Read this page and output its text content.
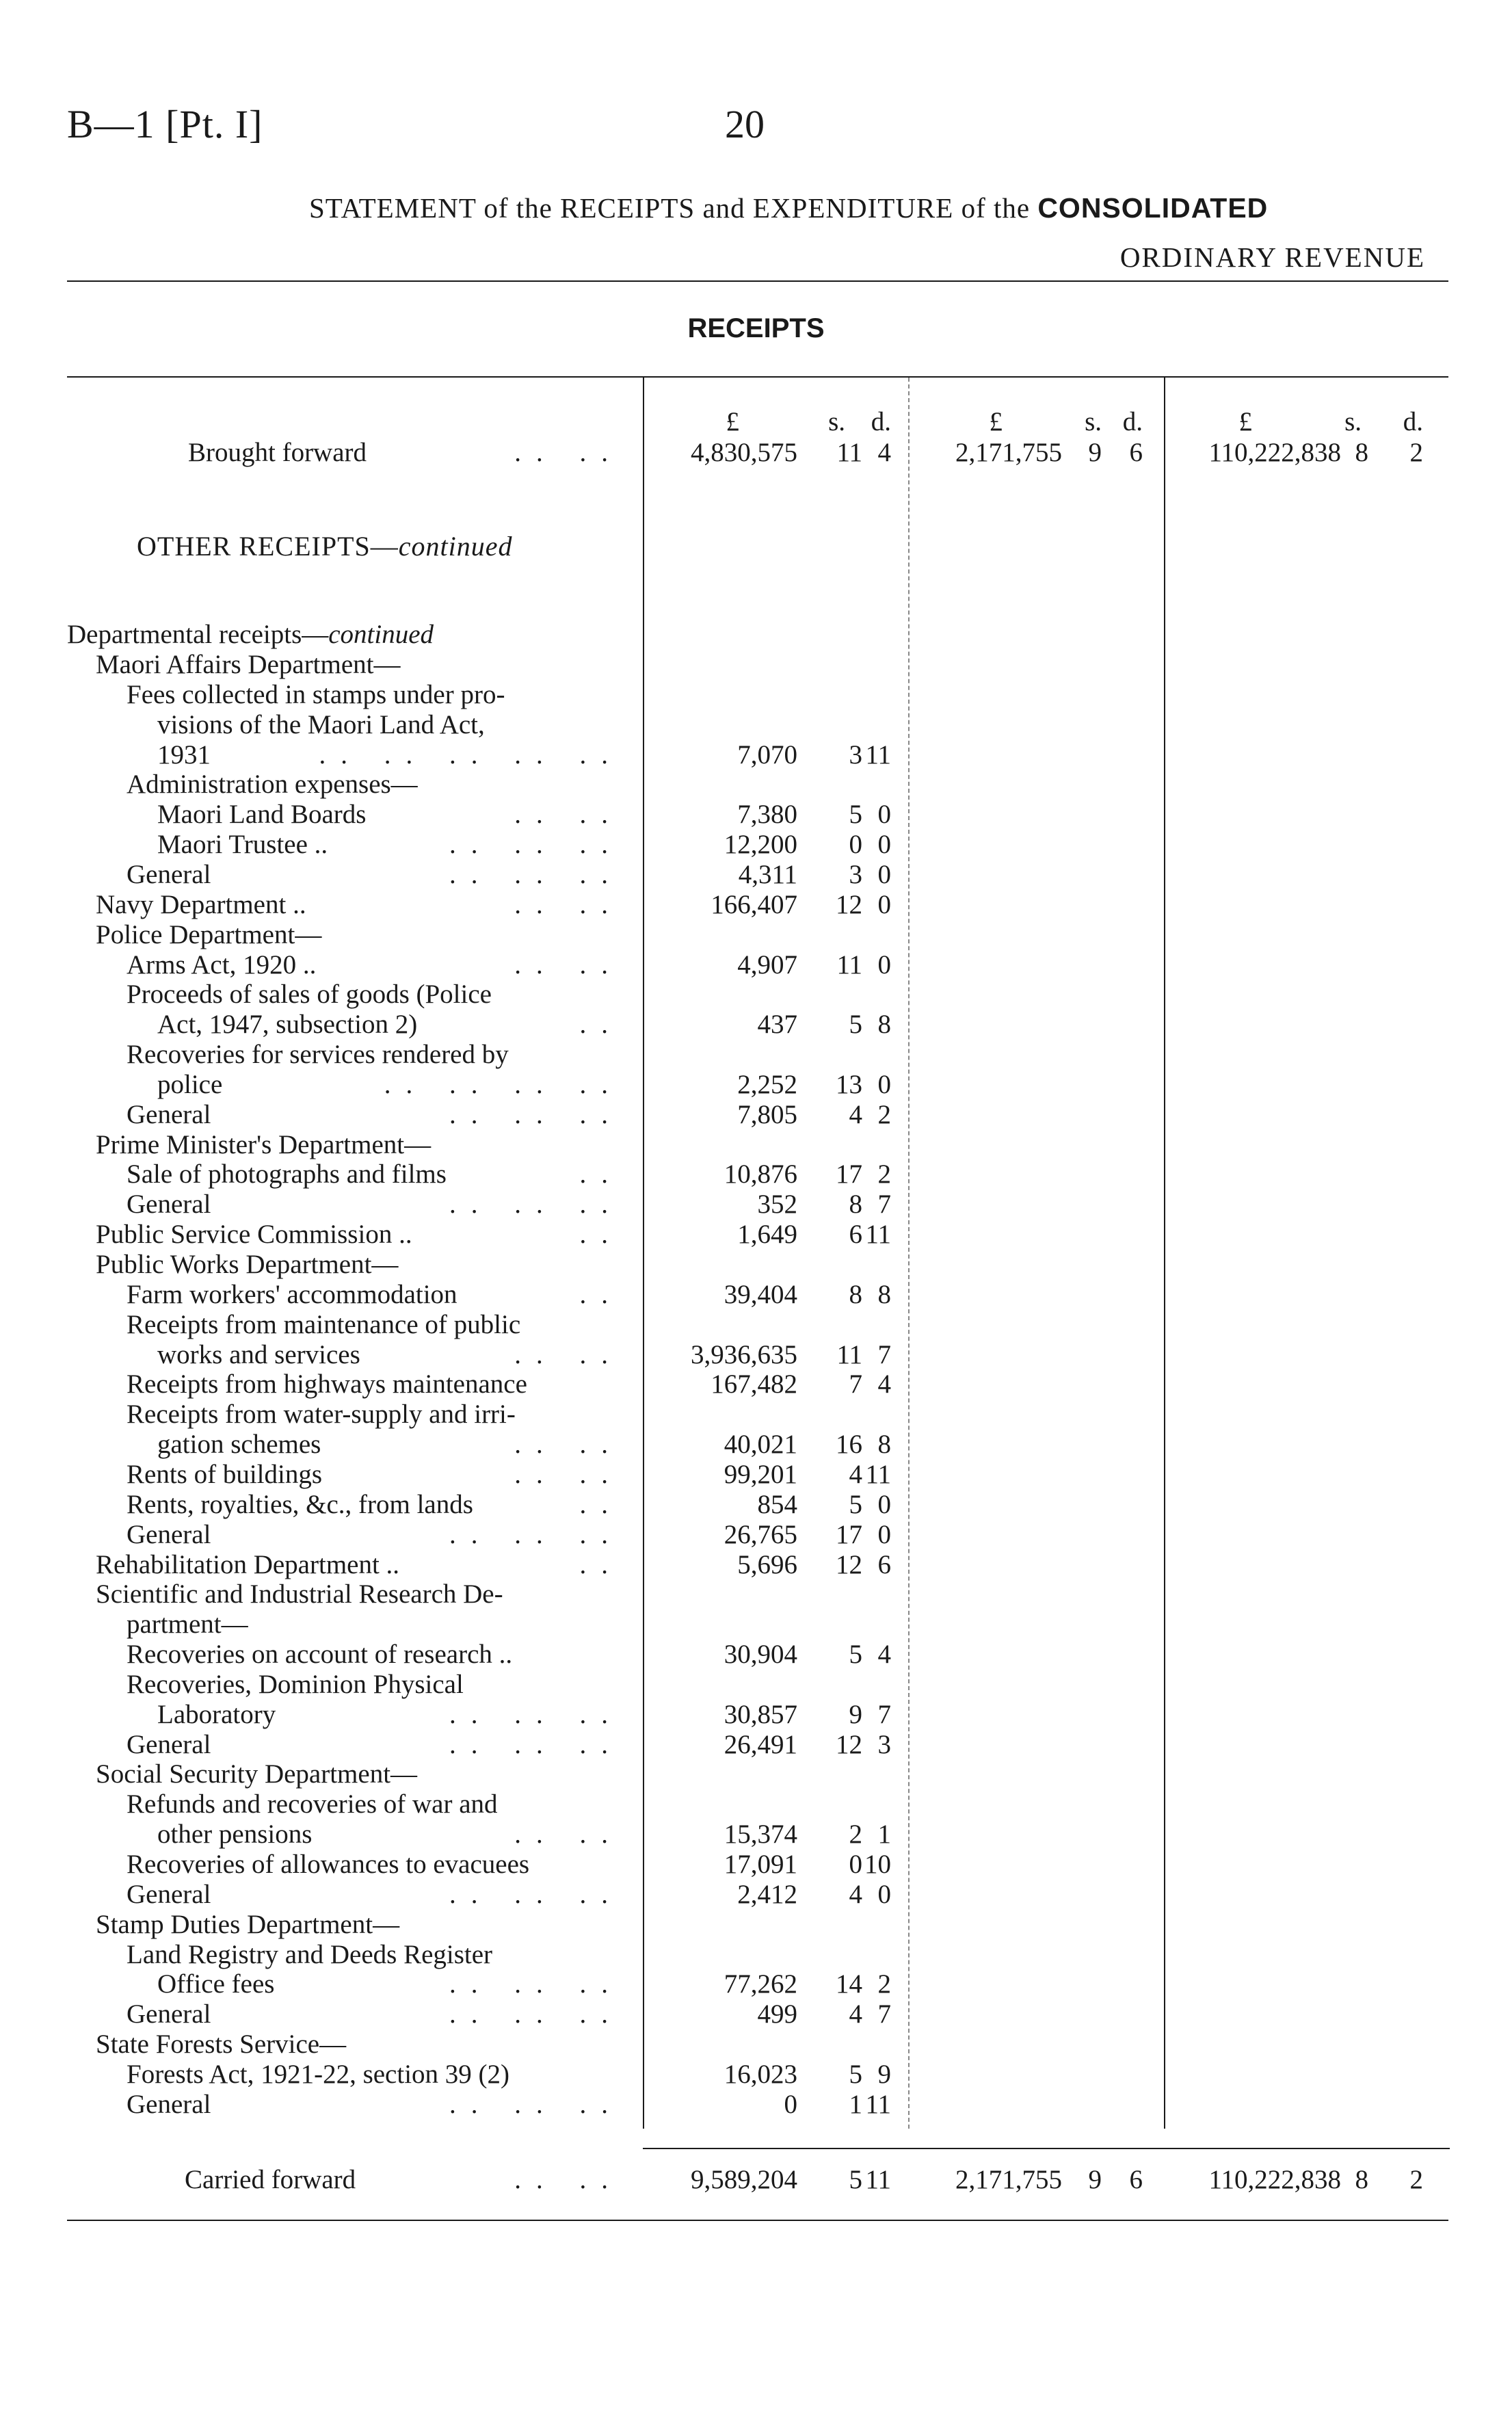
B—1 [Pt. I]	20
STATEMENT of the RECEIPTS and EXPENDITURE of the CONSOLIDATED
ORDINARY REVENUE
RECEIPTS
£	s. d.	£	s. d.	£	s. d.
Brought forward	.. ..	4,830,575 11 4 2,171,755 9 6 110,222,838 8 2
OTHER RECEIPTS—continued
Departmental receipts—continued
Maori Affairs Department—
Fees collected in stamps under pro-
visions of the Maori Land Act,
1931	.. .. .. .. ..	7,070 3 11
Administration expenses—
Maori Land Boards	.. ..	7,380 5 0
Maori Trustee ..	.. .. ..	12,200 0 0
General	.. .. ..	4,311 3 0
Navy Department ..	.. ..	166,407 12 0
Police Department—
Arms Act, 1920 ..	.. ..	4,907 11 0
Proceeds of sales of goods (Police
Act, 1947, subsection 2)	..	437 5 8
Recoveries for services rendered by
police	.. .. .. ..	2,252 13 0
General	.. .. ..	7,805 4 2
Prime Minister's Department—
Sale of photographs and films	..	10,876 17 2
General	.. .. ..	352 8 7
Public Service Commission ..	..	1,649 6 11
Public Works Department—
Farm workers' accommodation	..	39,404 8 8
Receipts from maintenance of public
works and services	.. ..	3,936,635 11 7
Receipts from highways maintenance	167,482 7 4
Receipts from water-supply and irri-
gation schemes	.. ..	40,021 16 8
Rents of buildings	.. ..	99,201 4 11
Rents, royalties, &c., from lands	..	854 5 0
General	.. .. ..	26,765 17 0
Rehabilitation Department ..	..	5,696 12 6
Scientific and Industrial Research De-
partment—
Recoveries on account of research ..	30,904 5 4
Recoveries, Dominion Physical
Laboratory	.. .. ..	30,857 9 7
General	.. .. ..	26,491 12 3
Social Security Department—
Refunds and recoveries of war and
other pensions	.. ..	15,374 2 1
Recoveries of allowances to evacuees	17,091 0 10
General	.. .. ..	2,412 4 0
Stamp Duties Department—
Land Registry and Deeds Register
Office fees	.. .. ..	77,262 14 2
General	.. .. ..	499 4 7
State Forests Service—
Forests Act, 1921-22, section 39 (2)	16,023 5 9
General	.. .. ..	0 1 11
Carried forward	.. ..	9,589,204 5 11 2,171,755 9 6 110,222,838 8 2
